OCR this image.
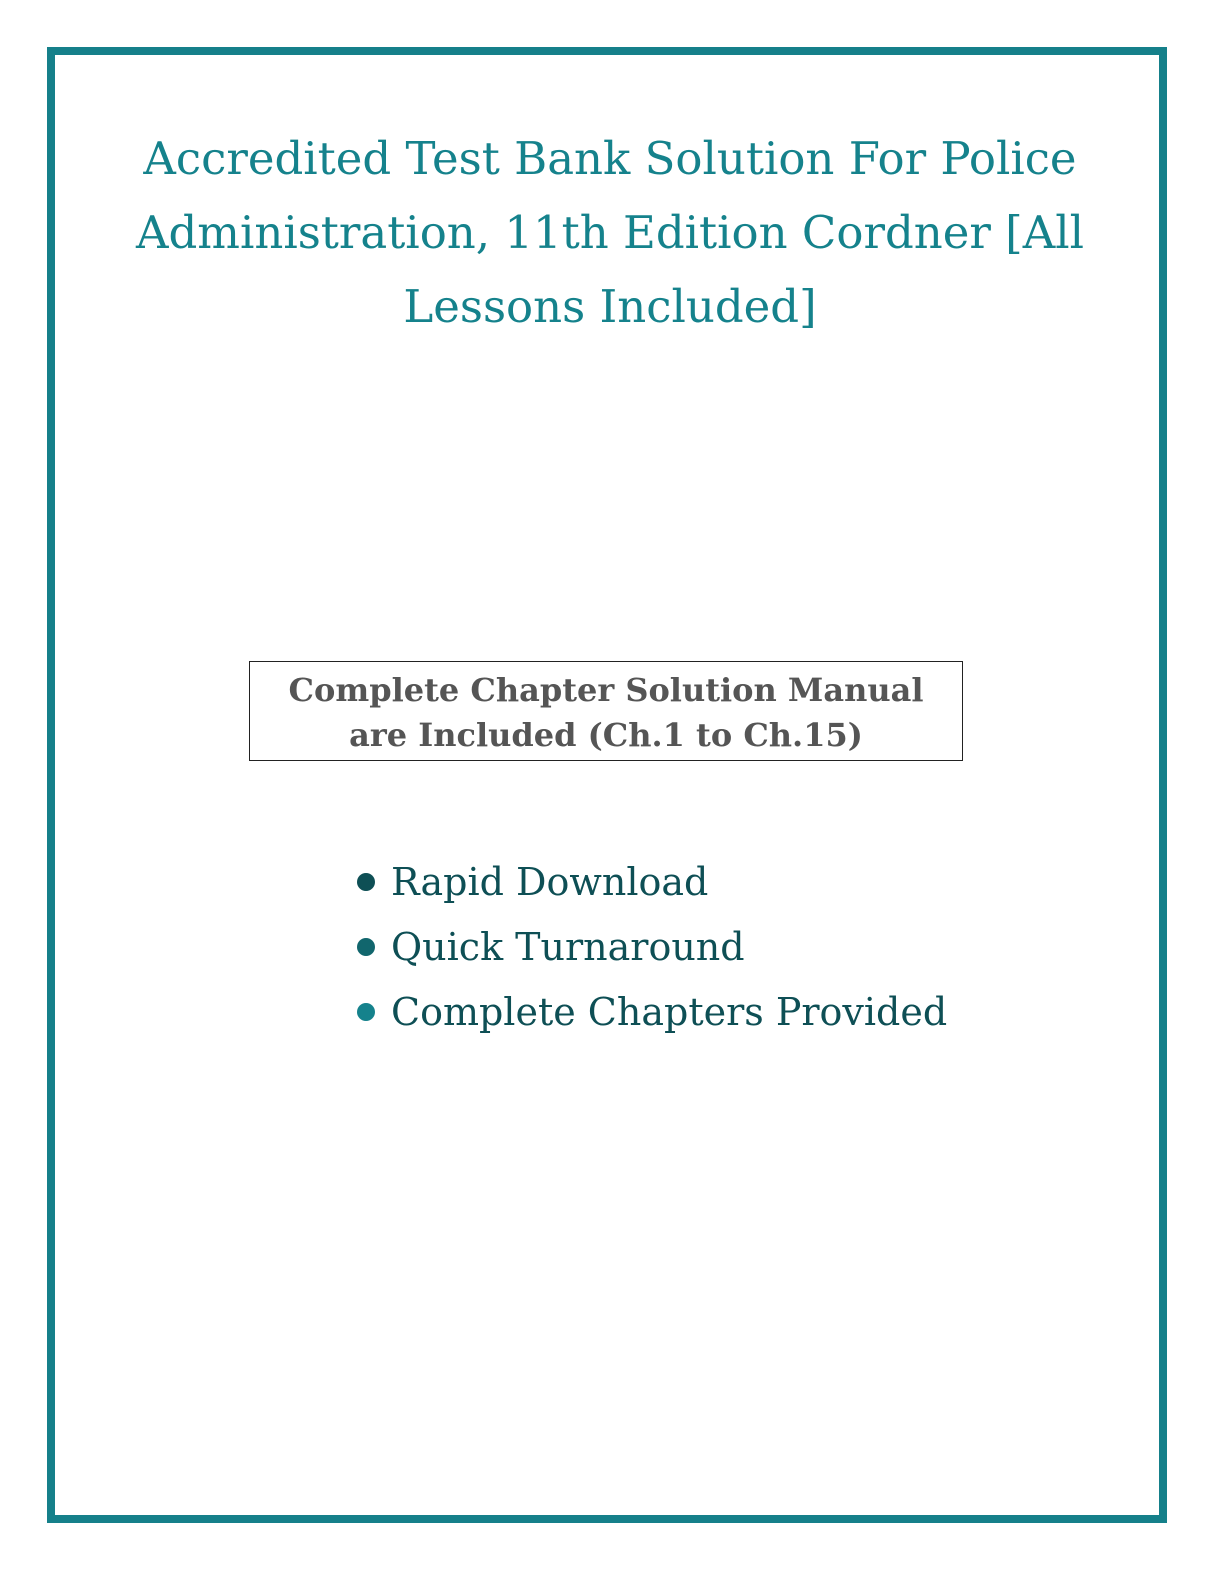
Accredited Test Bank Solution For Police
Administration, 11th Edition Cordner [All
Lessons Included]
Complete Chapter Solution Manual
are Included (Ch.1 to Ch.15)
Rapid Download
Quick Turnaround
Complete Chapters Provided
